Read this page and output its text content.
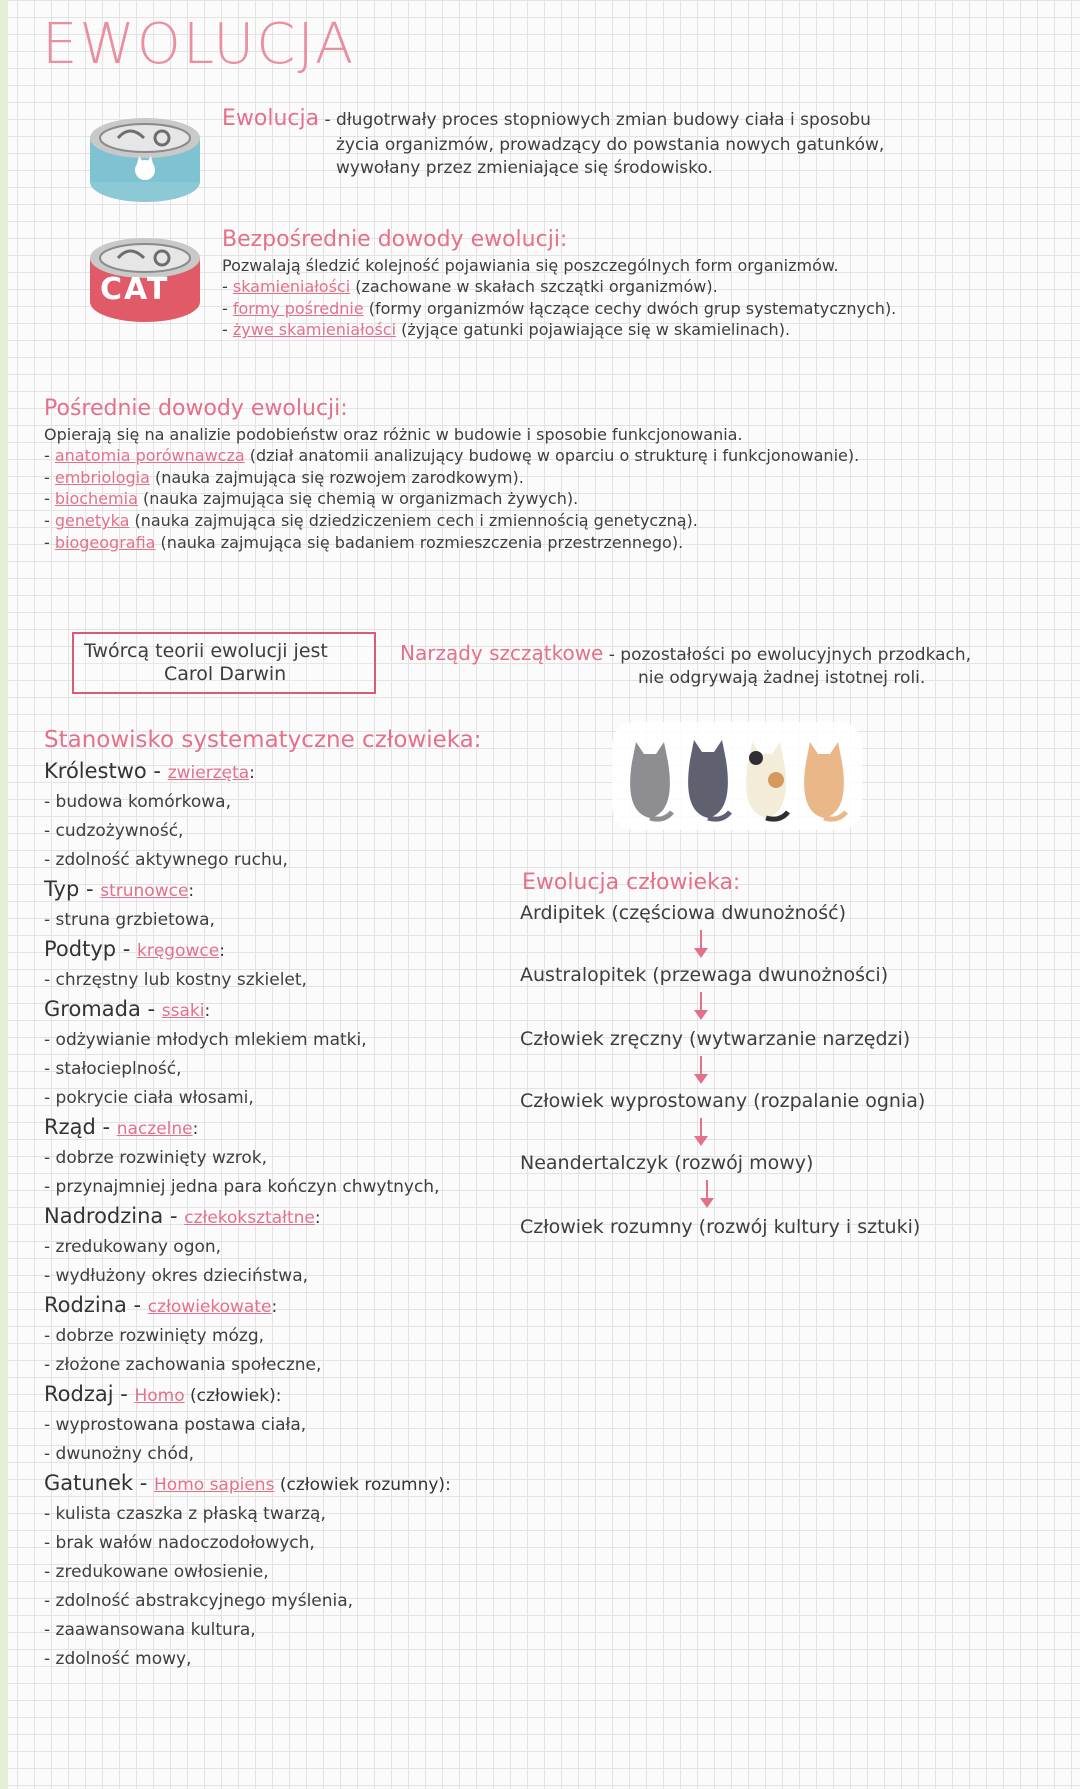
EWOLUCJA
CAT
Ewolucja - długotrwały proces stopniowych zmian budowy ciała i sposobu
życia organizmów, prowadzący do powstania nowych gatunków,
wywołany przez zmieniające się środowisko.
Bezpośrednie dowody ewolucji:
Pozwalają śledzić kolejność pojawiania się poszczególnych form organizmów.
- skamieniałości (zachowane w skałach szczątki organizmów).
- formy pośrednie (formy organizmów łączące cechy dwóch grup systematycznych).
- żywe skamieniałości (żyjące gatunki pojawiające się w skamielinach).
Pośrednie dowody ewolucji:
Opierają się na analizie podobieństw oraz różnic w budowie i sposobie funkcjonowania.
- anatomia porównawcza (dział anatomii analizujący budowę w oparciu o strukturę i funkcjonowanie).
- embriologia (nauka zajmująca się rozwojem zarodkowym).
- biochemia (nauka zajmująca się chemią w organizmach żywych).
- genetyka (nauka zajmująca się dziedziczeniem cech i zmiennością genetyczną).
- biogeografia (nauka zajmująca się badaniem rozmieszczenia przestrzennego).
Twórcą teorii ewolucji jest
Carol Darwin
Narządy szczątkowe - pozostałości po ewolucyjnych przodkach,
nie odgrywają żadnej istotnej roli.
Stanowisko systematyczne człowieka:
Królestwo - zwierzęta:
- budowa komórkowa,
- cudzożywność,
- zdolność aktywnego ruchu,
Typ - strunowce:
- struna grzbietowa,
Podtyp - kręgowce:
- chrzęstny lub kostny szkielet,
Gromada - ssaki:
- odżywianie młodych mlekiem matki,
- stałocieplność,
- pokrycie ciała włosami,
Rząd - naczelne:
- dobrze rozwinięty wzrok,
- przynajmniej jedna para kończyn chwytnych,
Nadrodzina - człekokształtne:
- zredukowany ogon,
- wydłużony okres dzieciństwa,
Rodzina - człowiekowate:
- dobrze rozwinięty mózg,
- złożone zachowania społeczne,
Rodzaj - Homo (człowiek):
- wyprostowana postawa ciała,
- dwunożny chód,
Gatunek - Homo sapiens (człowiek rozumny):
- kulista czaszka z płaską twarzą,
- brak wałów nadoczodołowych,
- zredukowane owłosienie,
- zdolność abstrakcyjnego myślenia,
- zaawansowana kultura,
- zdolność mowy,
Ewolucja człowieka:
Ardipitek (częściowa dwunożność)
Australopitek (przewaga dwunożności)
Człowiek zręczny (wytwarzanie narzędzi)
Człowiek wyprostowany (rozpalanie ognia)
Neandertalczyk (rozwój mowy)
Człowiek rozumny (rozwój kultury i sztuki)
